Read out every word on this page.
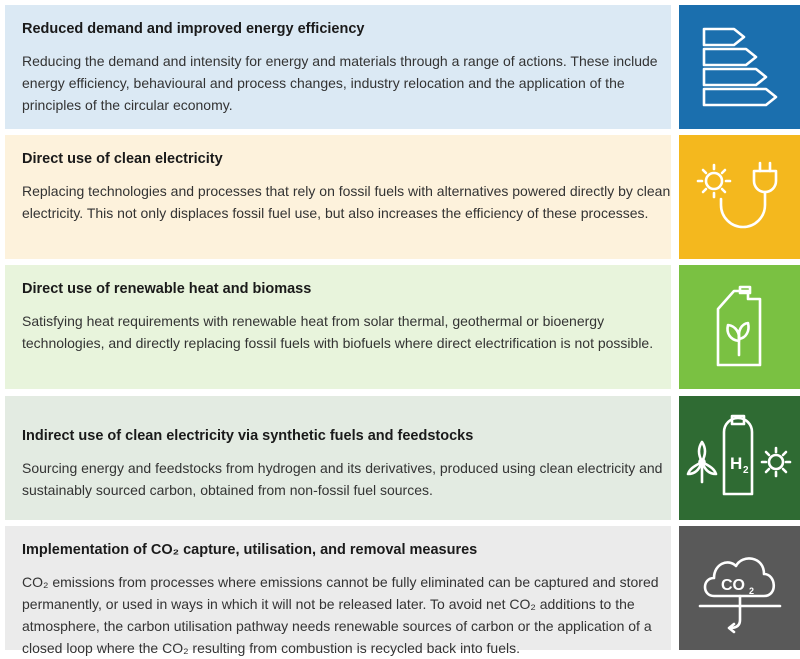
Reduced demand and improved energy efficiency

Reducing the demand and intensity for energy and materials through a range of actions. These include energy efficiency, behavioural and process changes, industry relocation and the application of the principles of the circular economy.

Direct use of clean electricity

Replacing technologies and processes that rely on fossil fuels with alternatives powered directly by clean electricity. This not only displaces fossil fuel use, but also increases the efficiency of these processes.

Direct use of renewable heat and biomass

Satisfying heat requirements with renewable heat from solar thermal, geothermal or bioenergy technologies, and directly replacing fossil fuels with biofuels where direct electrification is not possible.

Indirect use of clean electricity via synthetic fuels and feedstocks

Sourcing energy and feedstocks from hydrogen and its derivatives, produced using clean electricity and sustainably sourced carbon, obtained from non-fossil fuel sources.

H 2

Implementation of CO₂ capture, utilisation, and removal measures

CO₂ emissions from processes where emissions cannot be fully eliminated can be captured and stored permanently, or used in ways in which it will not be released later. To avoid net CO₂ additions to the atmosphere, the carbon utilisation pathway needs renewable sources of carbon or the application of a closed loop where the CO₂ resulting from combustion is recycled back into fuels.

CO 2
